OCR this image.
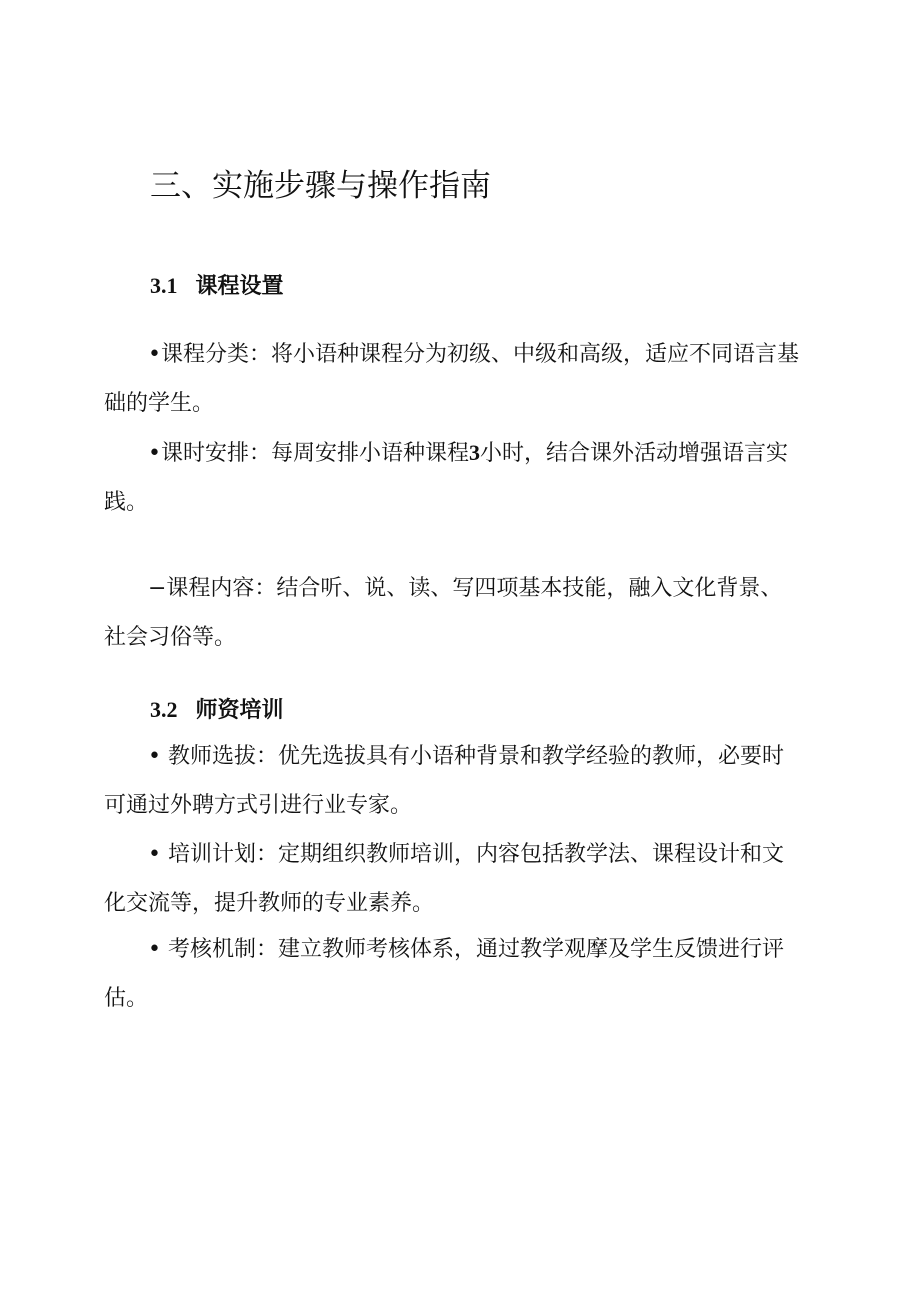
三、实施步骤与操作指南
3.1 课程设置

•课程分类：将小语种课程分为初级、中级和高级，适应不同语言基础的学生。

•课时安排：每周安排小语种课程3小时，结合课外活动增强语言实践。

−课程内容：结合听、说、读、写四项基本技能，融入文化背景、社会习俗等。

3.2 师资培训

• 教师选拔：优先选拔具有小语种背景和教学经验的教师，必要时可通过外聘方式引进行业专家。

• 培训计划：定期组织教师培训，内容包括教学法、课程设计和文化交流等，提升教师的专业素养。

• 考核机制：建立教师考核体系，通过教学观摩及学生反馈进行评估。
